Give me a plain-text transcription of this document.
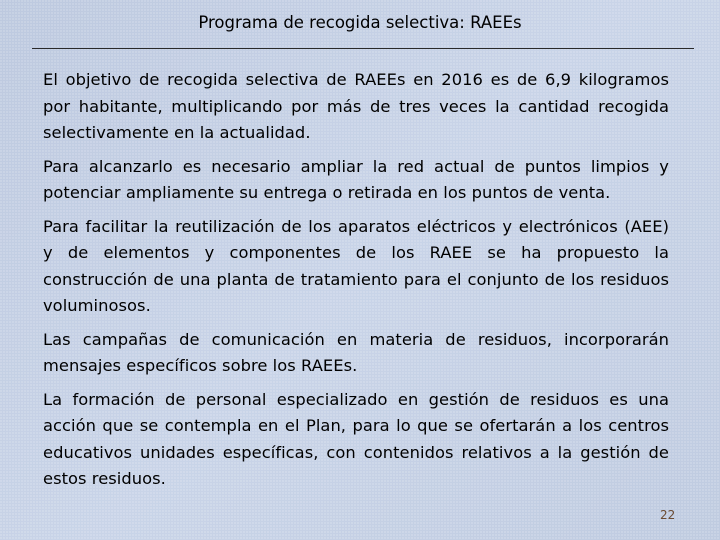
Programa de recogida selectiva: RAEEs

El objetivo de recogida selectiva de RAEEs en 2016 es de 6,9 kilogramos por habitante, multiplicando por más de tres veces la cantidad recogida selectivamente en la actualidad.

Para alcanzarlo es necesario ampliar la red actual de puntos limpios y potenciar ampliamente su entrega o retirada en los puntos de venta.

Para facilitar la reutilización de los aparatos eléctricos y electrónicos (AEE) y de elementos y componentes de los RAEE se ha propuesto la construcción de una planta de tratamiento para el conjunto de los residuos voluminosos.

Las campañas de comunicación en materia de residuos, incorporarán mensajes específicos sobre los RAEEs.

La formación de personal especializado en gestión de residuos es una acción que se contempla en el Plan, para lo que se ofertarán a los centros educativos unidades específicas, con contenidos relativos a la gestión de estos residuos.

22
